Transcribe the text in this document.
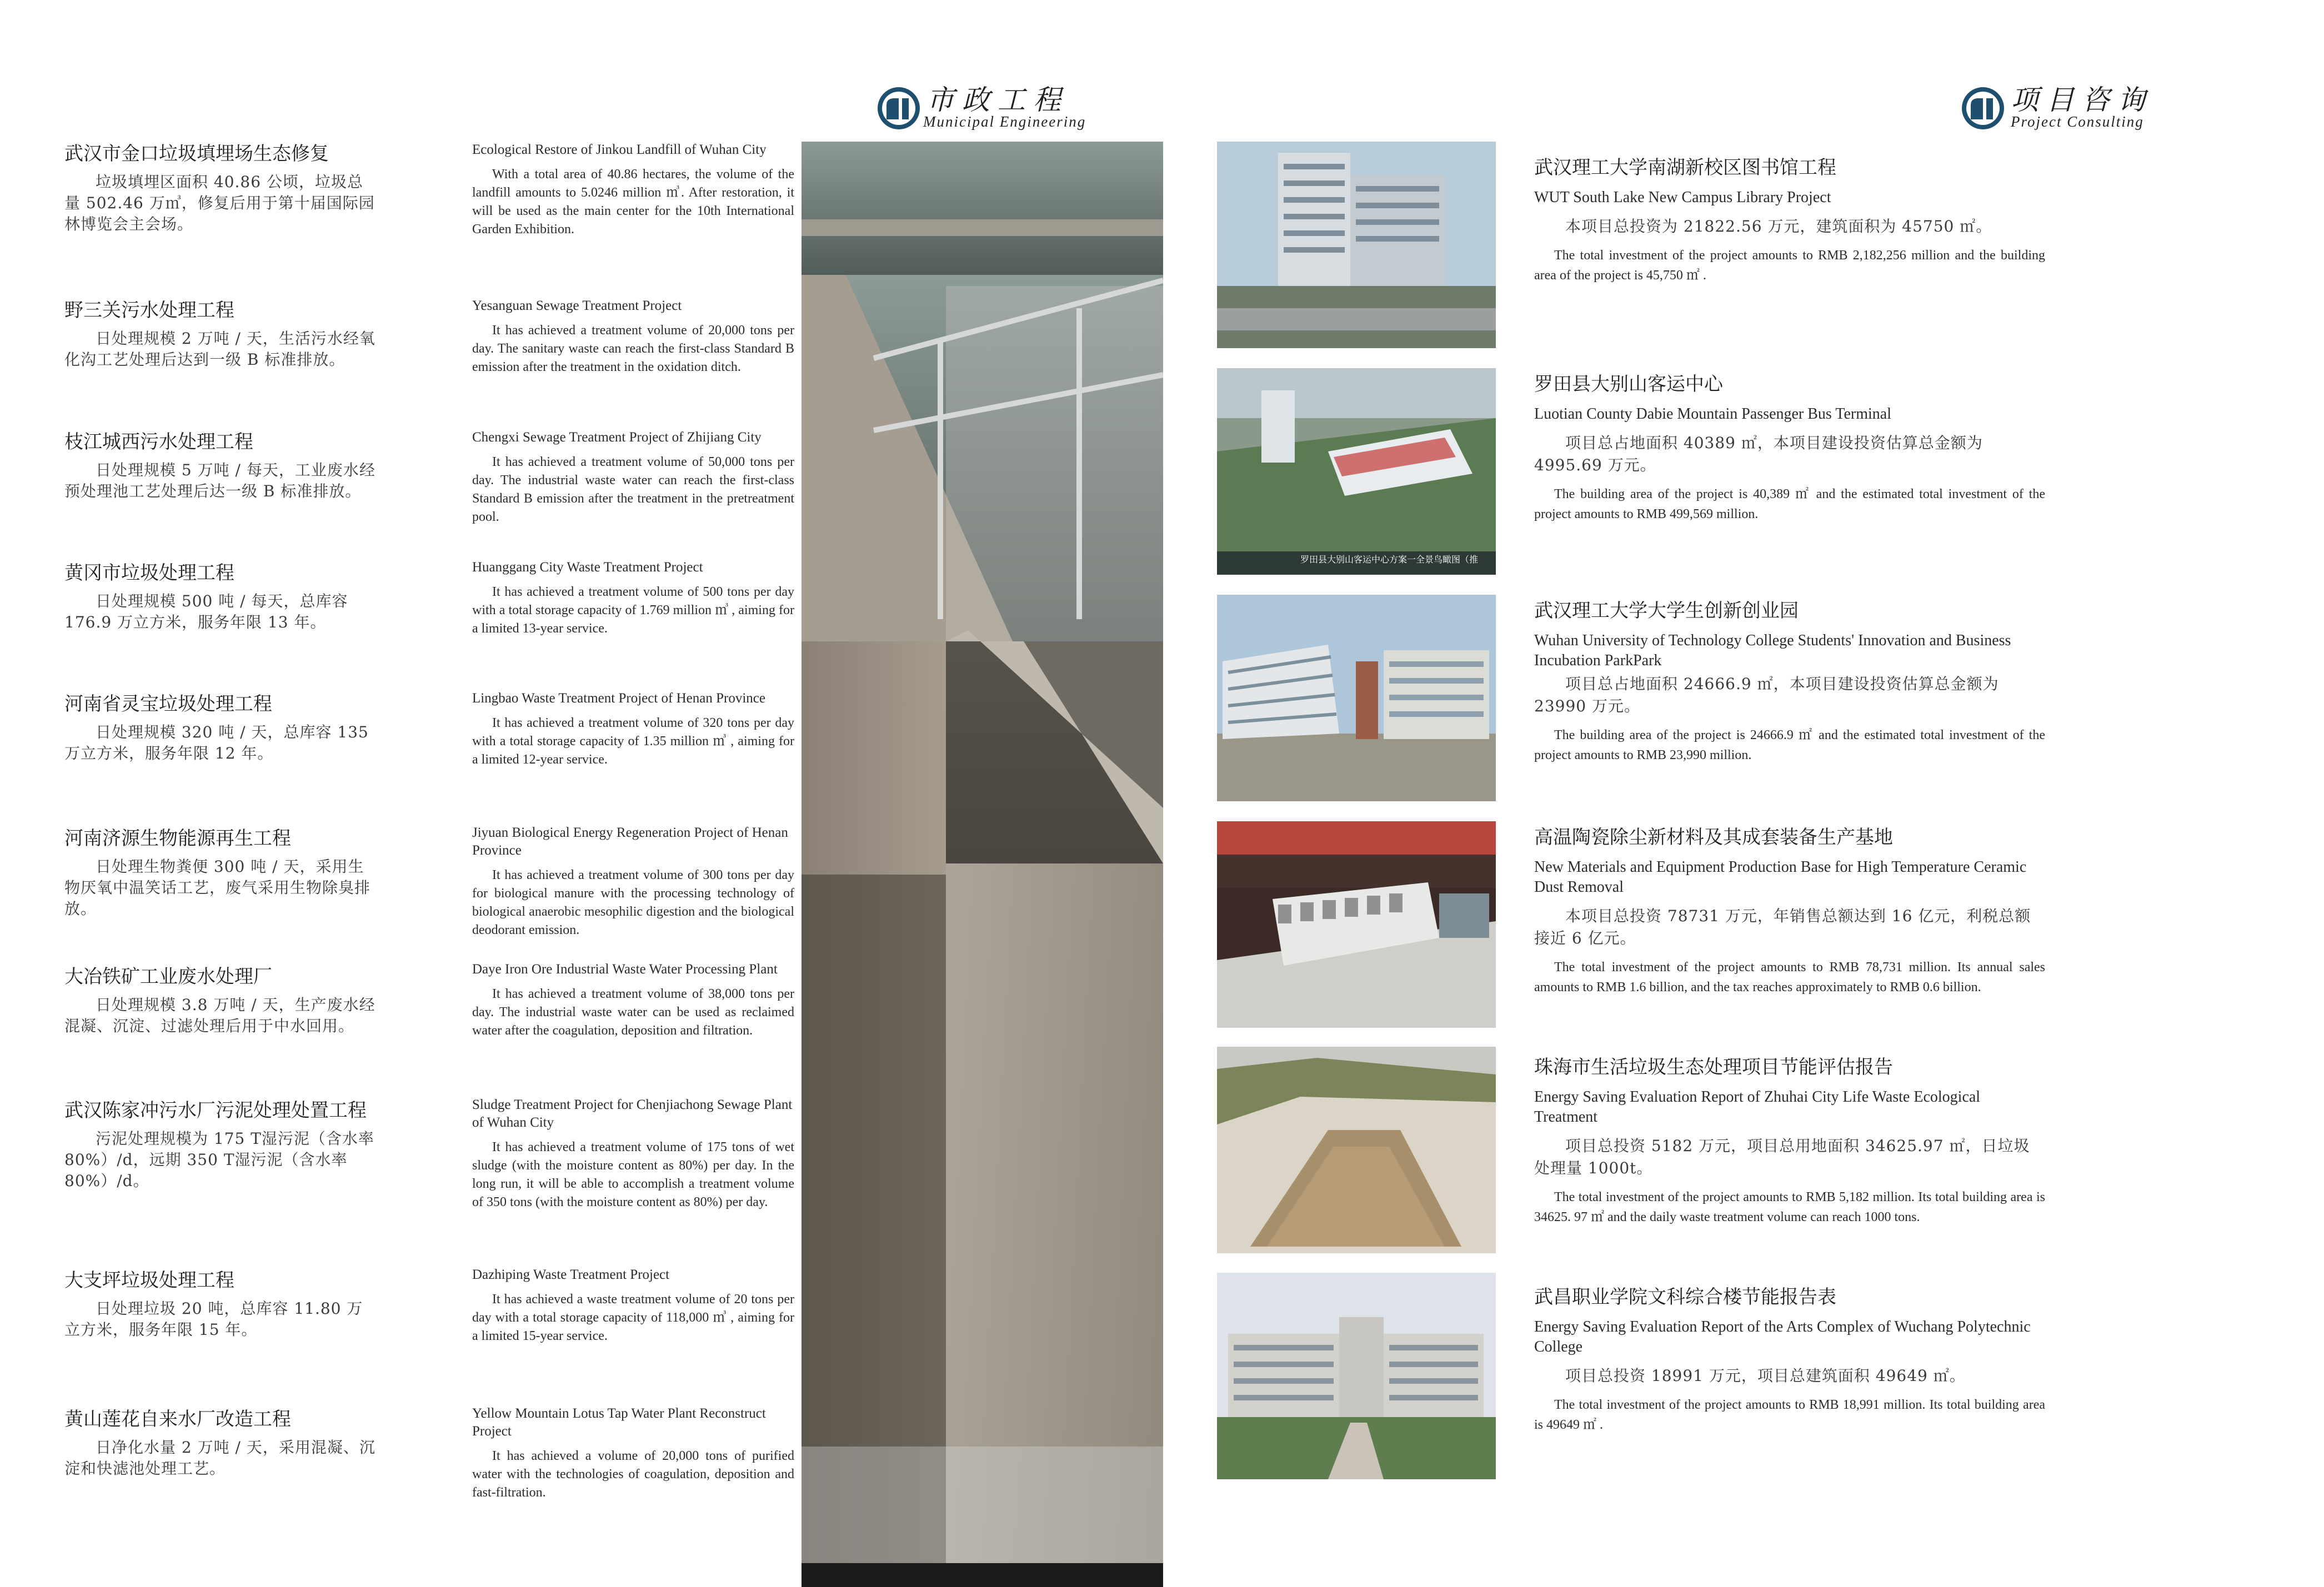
市政工程
Municipal Engineering
项目咨询
Project Consulting

武汉市金口垃圾填埋场生态修复

垃圾填埋区面积 40.86 公顷，垃圾总量 502.46 万㎥，修复后用于第十届国际园林博览会主会场。

野三关污水处理工程

日处理规模 2 万吨 / 天，生活污水经氧化沟工艺处理后达到一级 B 标准排放。

枝江城西污水处理工程

日处理规模 5 万吨 / 每天，工业废水经预处理池工艺处理后达一级 B 标准排放。

黄冈市垃圾处理工程

日处理规模 500 吨 / 每天，总库容 176.9 万立方米，服务年限 13 年。

河南省灵宝垃圾处理工程

日处理规模 320 吨 / 天，总库容 135 万立方米，服务年限 12 年。

河南济源生物能源再生工程

日处理生物粪便 300 吨 / 天，采用生物厌氧中温笑话工艺，废气采用生物除臭排放。

大冶铁矿工业废水处理厂

日处理规模 3.8 万吨 / 天，生产废水经混凝、沉淀、过滤处理后用于中水回用。

武汉陈家冲污水厂污泥处理处置工程

污泥处理规模为 175 T湿污泥（含水率 80%）/d，远期 350 T湿污泥（含水率 80%）/d。

大支坪垃圾处理工程

日处理垃圾 20 吨，总库容 11.80 万立方米，服务年限 15 年。

黄山莲花自来水厂改造工程

日净化水量 2 万吨 / 天，采用混凝、沉淀和快滤池处理工艺。

Ecological Restore of Jinkou Landfill of Wuhan City

With a total area of 40.86 hectares, the volume of the landfill amounts to 5.0246 million ㎥. After restoration, it will be used as the main center for the 10th International Garden Exhibition.

Yesanguan Sewage Treatment Project

It has achieved a treatment volume of 20,000 tons per day. The sanitary waste can reach the first-class Standard B emission after the treatment in the oxidation ditch.

Chengxi Sewage Treatment Project of Zhijiang City

It has achieved a treatment volume of 50,000 tons per day. The industrial waste water can reach the first-class Standard B emission after the treatment in the pretreatment pool.

Huanggang City Waste Treatment Project

It has achieved a treatment volume of 500 tons per day with a total storage capacity of 1.769 million ㎥ , aiming for a limited 13-year service.

Lingbao Waste Treatment Project of Henan Province

It has achieved a treatment volume of 320 tons per day with a total storage capacity of 1.35 million ㎥ , aiming for a limited 12-year service.

Jiyuan Biological Energy Regeneration Project of Henan Province

It has achieved a treatment volume of 300 tons per day for biological manure with the processing technology of biological anaerobic mesophilic digestion and the biological deodorant emission.

Daye Iron Ore Industrial Waste Water Processing Plant

It has achieved a treatment volume of 38,000 tons per day. The industrial waste water can be used as reclaimed water after the coagulation, deposition and filtration.

Sludge Treatment Project for Chenjiachong Sewage Plant of Wuhan City

It has achieved a treatment volume of 175 tons of wet sludge (with the moisture content as 80%) per day. In the long run, it will be able to accomplish a treatment volume of 350 tons (with the moisture content as 80%) per day.

Dazhiping Waste Treatment Project

It has achieved a waste treatment volume of 20 tons per day with a total storage capacity of 118,000 ㎥ , aiming for a limited 15-year service.

Yellow Mountain Lotus Tap Water Plant Reconstruct Project

It has achieved a volume of 20,000 tons of purified water with the technologies of coagulation, deposition and fast-filtration.

罗田县大别山客运中心方案一全景鸟瞰图（推

武汉理工大学南湖新校区图书馆工程

WUT South Lake New Campus Library Project

本项目总投资为 21822.56 万元，建筑面积为 45750 ㎡。

The total investment of the project amounts to RMB 2,182,256 million and the building area of the project is 45,750 ㎡ .

罗田县大别山客运中心

Luotian County Dabie Mountain Passenger Bus Terminal

项目总占地面积 40389 ㎡，本项目建设投资估算总金额为 4995.69 万元。

The building area of the project is 40,389 ㎡ and the estimated total investment of the project amounts to RMB 499,569 million.

武汉理工大学大学生创新创业园

Wuhan University of Technology College Students' Innovation and Business Incubation ParkPark

项目总占地面积 24666.9 ㎡，本项目建设投资估算总金额为 23990 万元。

The building area of the project is 24666.9 ㎡ and the estimated total investment of the project amounts to RMB 23,990 million.

高温陶瓷除尘新材料及其成套装备生产基地

New Materials and Equipment Production Base for High Temperature Ceramic Dust Removal

本项目总投资 78731 万元，年销售总额达到 16 亿元，利税总额接近 6 亿元。

The total investment of the project amounts to RMB 78,731 million. Its annual sales amounts to RMB 1.6 billion, and the tax reaches approximately to RMB 0.6 billion.

珠海市生活垃圾生态处理项目节能评估报告

Energy Saving Evaluation Report of Zhuhai City Life Waste Ecological Treatment

项目总投资 5182 万元，项目总用地面积 34625.97 ㎡，日垃圾处理量 1000t。

The total investment of the project amounts to RMB 5,182 million. Its total building area is 34625. 97 ㎡ and the daily waste treatment volume can reach 1000 tons.

武昌职业学院文科综合楼节能报告表

Energy Saving Evaluation Report of the Arts Complex of Wuchang Polytechnic College

项目总投资 18991 万元，项目总建筑面积 49649 ㎡。

The total investment of the project amounts to RMB 18,991 million. Its total building area is 49649 ㎡ .
